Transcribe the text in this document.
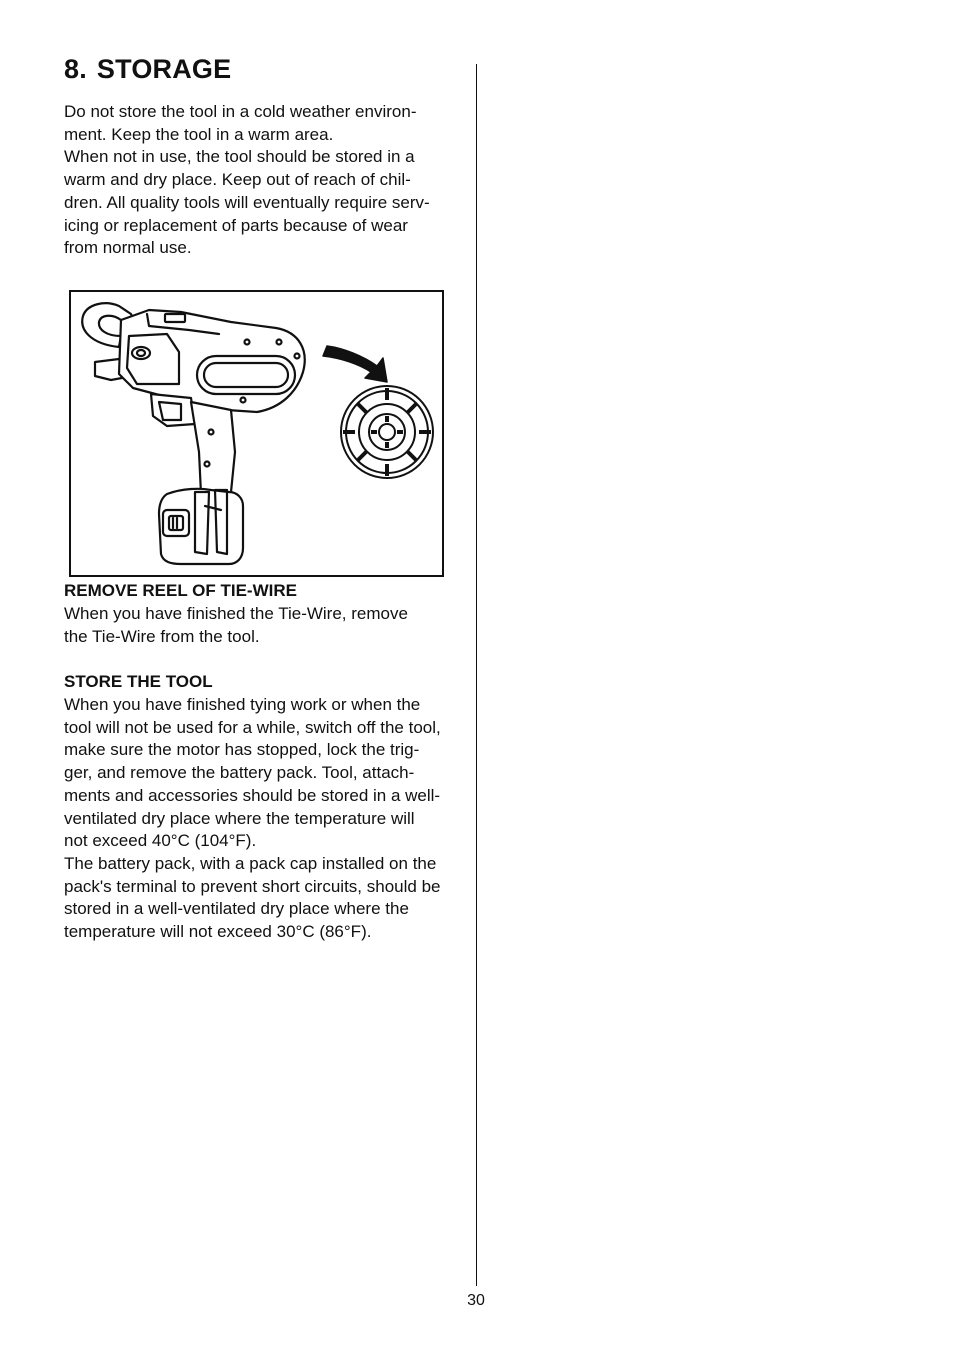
8. STORAGE

Do not store the tool in a cold weather environ-
ment. Keep the tool in a warm area.
When not in use, the tool should be stored in a
warm and dry place. Keep out of reach of chil-
dren. All quality tools will eventually require serv-
icing or replacement of parts because of wear
from normal use.

REMOVE REEL OF TIE-WIRE

When you have finished the Tie-Wire, remove
the Tie-Wire from the tool.

STORE THE TOOL

When you have finished tying work or when the
tool will not be used for a while, switch off the tool,
make sure the motor has stopped, lock the trig-
ger, and remove the battery pack. Tool, attach-
ments and accessories should be stored in a well-
ventilated dry place where the temperature will
not exceed 40°C (104°F).
The battery pack, with a pack cap installed on the
pack's terminal to prevent short circuits, should be
stored in a well-ventilated dry place where the
temperature will not exceed 30°C (86°F).

30
